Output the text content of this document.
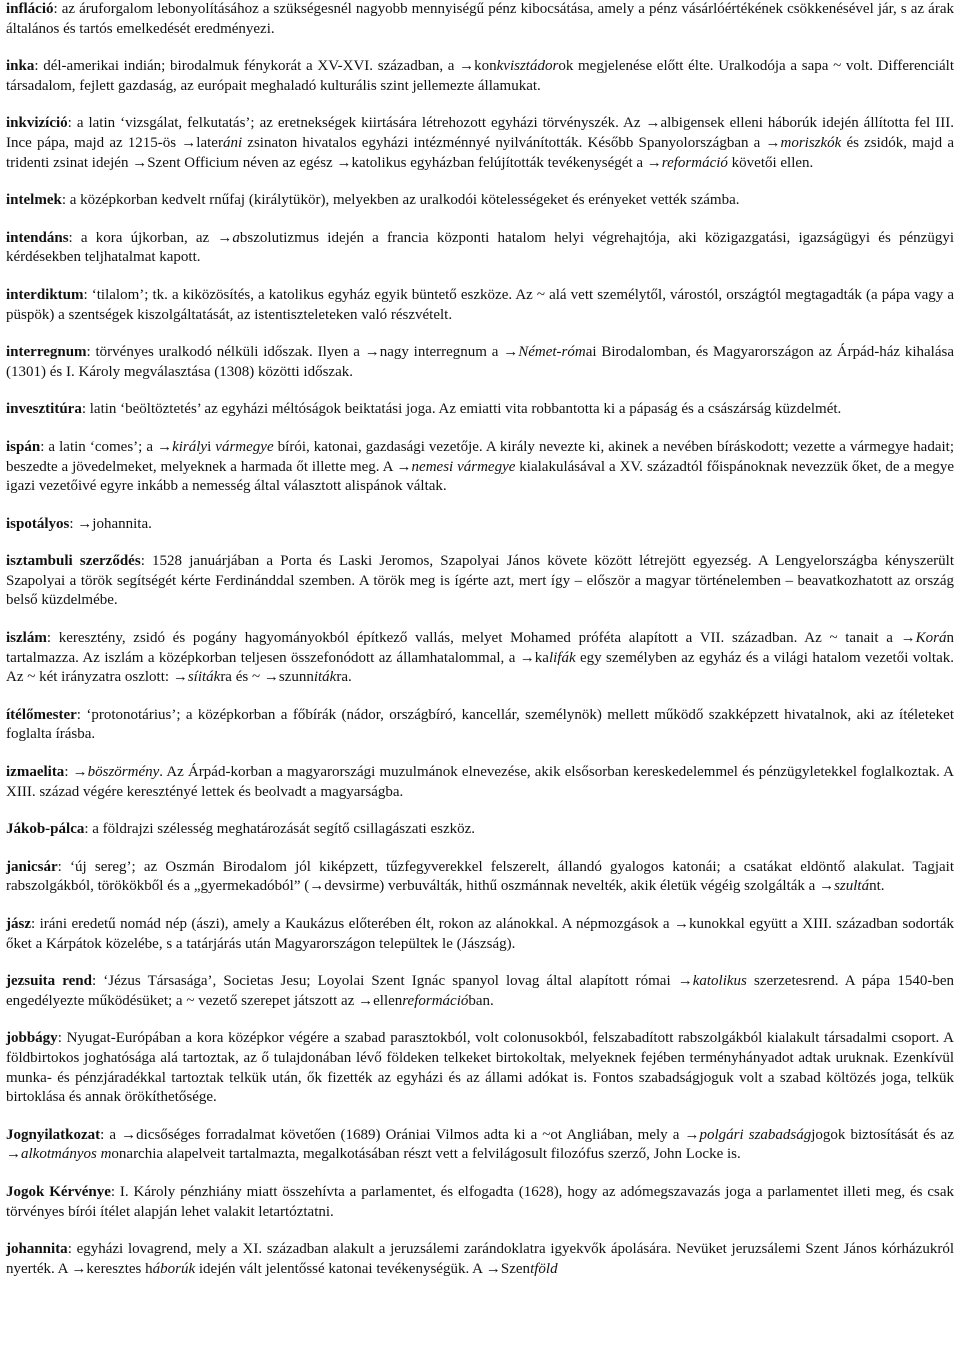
infláció: az áruforgalom lebonyolításához a szükségesnél nagyobb mennyiségű pénz kibocsátása, amely a pénz vásárlóértékének csökkenésével jár, s az árak általános és tartós emelkedését eredményezi.

inka: dél-amerikai indián; birodalmuk fénykorát a XV-XVI. században, a → konkvisztádorok megjelenése előtt élte. Uralkodója a sapa ~ volt. Differenciált társadalom, fejlett gazdaság, az európait meghaladó kulturális szint jellemezte államukat.

inkvizíció: a latin ‘vizsgálat, felkutatás’; az eretnekségek kiirtására létrehozott egyházi törvényszék. Az → albigensek elleni háborúk idején állította fel III. Ince pápa, majd az 1215-ös → lateráni zsinaton hivatalos egyházi intézménnyé nyilvánították. Később Spanyolországban a → moriszkók és zsidók, majd a tridenti zsinat idején → Szent Officium néven az egész → katolikus egyházban felújították tevékenységét a → reformáció követői ellen.

intelmek: a középkorban kedvelt rnűfaj (királytükör), melyekben az uralkodói kötelességeket és erényeket vették számba.

intendáns: a kora újkorban, az → abszolutizmus idején a francia központi hatalom helyi végrehajtója, aki közigazgatási, igazságügyi és pénzügyi kérdésekben teljhatalmat kapott.

interdiktum: ‘tilalom’; tk. a kiközösítés, a katolikus egyház egyik büntető eszköze. Az ~ alá vett személytől, várostól, országtól megtagadták (a pápa vagy a püspök) a szentségek kiszolgáltatását, az istentiszteleteken való részvételt.

interregnum: törvényes uralkodó nélküli időszak. Ilyen a → nagy interregnum a → Német-római Birodalomban, és Magyarországon az Árpád-ház kihalása (1301) és I. Károly megválasztása (1308) közötti időszak.

invesztitúra: latin ‘beöltöztetés’ az egyházi méltóságok beiktatási joga. Az emiatti vita robbantotta ki a pápaság és a császárság küzdelmét.

ispán: a latin ‘comes’; a → királyi vármegye bírói, katonai, gazdasági vezetője. A király nevezte ki, akinek a nevében bíráskodott; vezette a vármegye hadait; beszedte a jövedelmeket, melyeknek a harmada őt illette meg. A → nemesi vármegye kialakulásával a XV. századtól főispánoknak nevezzük őket, de a megye igazi vezetőivé egyre inkább a nemesség által választott alispánok váltak.

ispotályos: → johannita.

isztambuli szerződés: 1528 januárjában a Porta és Laski Jeromos, Szapolyai János követe között létrejött egyezség. A Lengyelországba kényszerült Szapolyai a török segítségét kérte Ferdinánddal szemben. A török meg is ígérte azt, mert így – először a magyar történelemben – beavatkozhatott az ország belső küzdelmébe.

iszlám: keresztény, zsidó és pogány hagyományokból építkező vallás, melyet Mohamed próféta alapított a VII. században. Az ~ tanait a → Korán tartalmazza. Az iszlám a középkorban teljesen összefonódott az államhatalommal, a → kalifák egy személyben az egyház és a világi hatalom vezetői voltak. Az ~ két irányzatra oszlott: → síitákra és ~ → szunnitákra.

ítélőmester: ‘protonotárius’; a középkorban a főbírák (nádor, országbíró, kancellár, személynök) mellett működő szakképzett hivatalnok, aki az ítéleteket foglalta írásba.

izmaelita: → böszörmény. Az Árpád-korban a magyarországi muzulmánok elnevezése, akik elsősorban kereskedelemmel és pénzügyletekkel foglalkoztak. A XIII. század végére keresztényé lettek és beolvadt a magyarságba.

Jákob-pálca: a földrajzi szélesség meghatározását segítő csillagászati eszköz.

janicsár: ‘új sereg’; az Oszmán Birodalom jól kiképzett, tűzfegyverekkel felszerelt, állandó gyalogos katonái; a csatákat eldöntő alakulat. Tagjait rabszolgákból, törökökből és a „gyermekadóból” (→ devsirme) verbuválták, hithű oszmánnak nevelték, akik életük végéig szolgálták a → szultánt.

jász: iráni eredetű nomád nép (ászi), amely a Kaukázus előterében élt, rokon az alánokkal. A népmozgások a → kunokkal együtt a XIII. században sodorták őket a Kárpátok közelébe, s a tatárjárás után Magyarországon települtek le (Jászság).

jezsuita rend: ‘Jézus Társasága’, Societas Jesu; Loyolai Szent Ignác spanyol lovag által alapított római → katolikus szerzetesrend. A pápa 1540-ben engedélyezte működésüket; a ~ vezető szerepet játszott az → ellenreformációban.

jobbágy: Nyugat-Európában a kora középkor végére a szabad parasztokból, volt colonusokból, felszabadított rabszolgákból kialakult társadalmi csoport. A földbirtokos joghatósága alá tartoztak, az ő tulajdonában lévő földeken telkeket birtokoltak, melyeknek fejében terményhányadot adtak uruknak. Ezenkívül munka- és pénzjáradékkal tartoztak telkük után, ők fizették az egyházi és az állami adókat is. Fontos szabadságjoguk volt a szabad költözés joga, telkük birtoklása és annak örökíthetősége.

Jognyilatkozat: a → dicsőséges forradalmat követően (1689) Orániai Vilmos adta ki a ~ot Angliában, mely a → polgári szabadságjogok biztosítását és az → alkotmányos monarchia alapelveit tartalmazta, megalkotásában részt vett a felvilágosult filozófus szerző, John Locke is.

Jogok Kérvénye: I. Károly pénzhiány miatt összehívta a parlamentet, és elfogadta (1628), hogy az adómegszavazás joga a parlamentet illeti meg, és csak törvényes bírói ítélet alapján lehet valakit letartóztatni.

johannita: egyházi lovagrend, mely a XI. században alakult a jeruzsálemi zarándoklatra igyekvők ápolására. Nevüket jeruzsálemi Szent János kórházukról nyerték. A → keresztes háborúk idején vált jelentőssé katonai tevékenységük. A → Szentföld
